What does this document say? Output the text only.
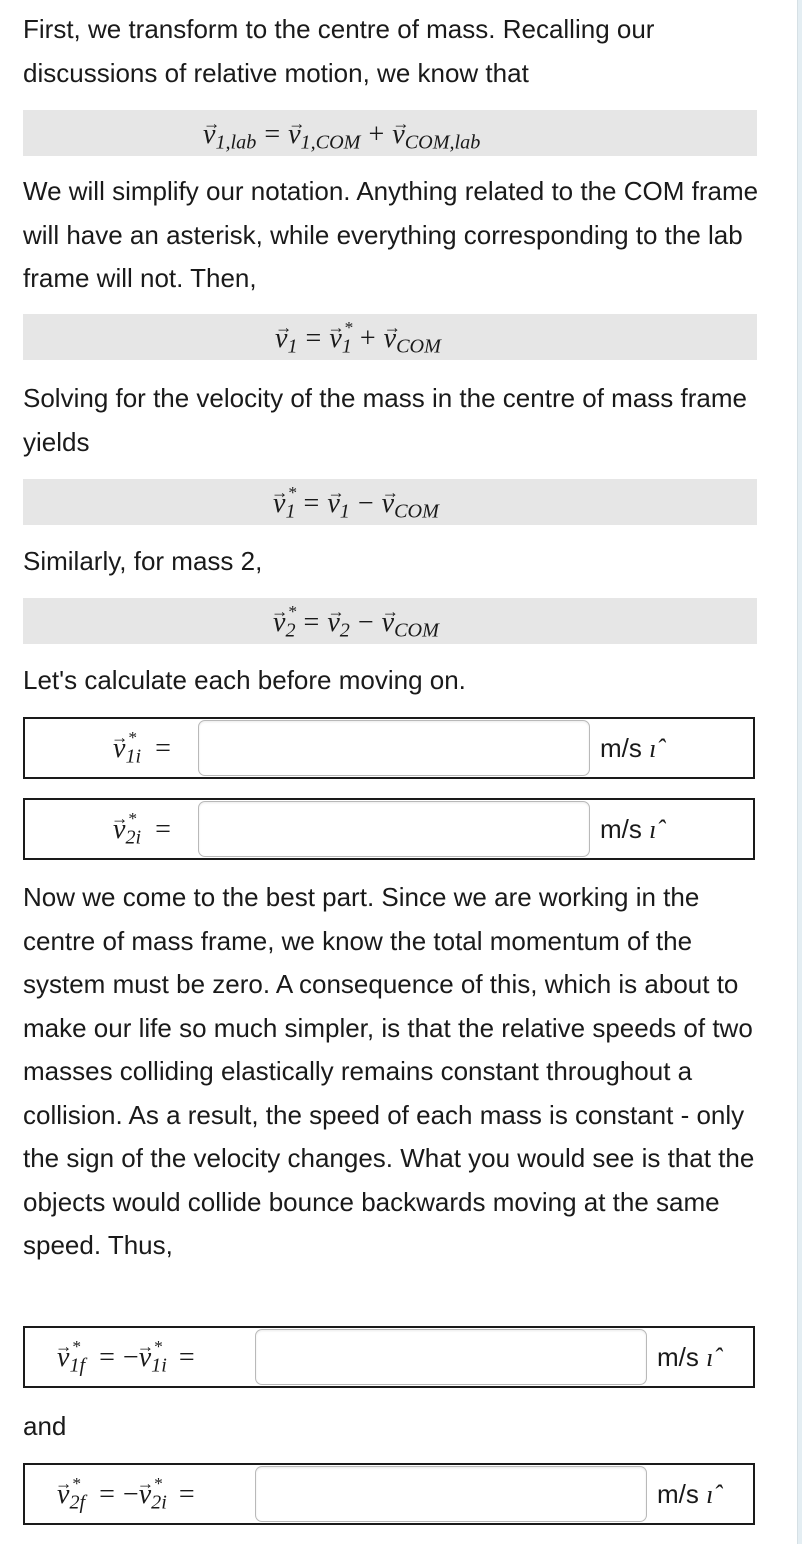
First, we transform to the centre of mass. Recalling our discussions of relative motion, we know that
→ $v_{1,lab} =\to v_{1,COM} +\to v_{COM,lab}$
We will simplify our notation. Anything related to the COM frame will have an asterisk, while everything corresponding to the lab frame will not. Then,
→ $v_1$ =→* $v_1 +\to v_{COM}$
Solving for the velocity of the mass in the centre of mass frame yields
→* $v_1 =\to v_1 -\to v_{COM}$
Similarly, for mass 2,
→* $v_2 =\to v_2 -\to v_{COM}$
Let's calculate each before moving on.
→* $v_{1i}$ =	m/s ı̂
→* $v_{2i}$ =	m/s ı̂
Now we come to the best part. Since we are working in the centre of mass frame, we know the total momentum of the system must be zero. A consequence of this, which is about to make our life so much simpler, is that the relative speeds of two masses colliding elastically remains constant throughout a collision. As a result, the speed of each mass is constant - only the sign of the velocity changes. What you would see is that the objects would collide bounce backwards moving at the same speed. Thus,
→* $v_{1f}$ = −→* $v_{1i}$ =	m/s ı̂
and
→* $v_{2f}$ = −→* $v_{2i}$ =	m/s ı̂
